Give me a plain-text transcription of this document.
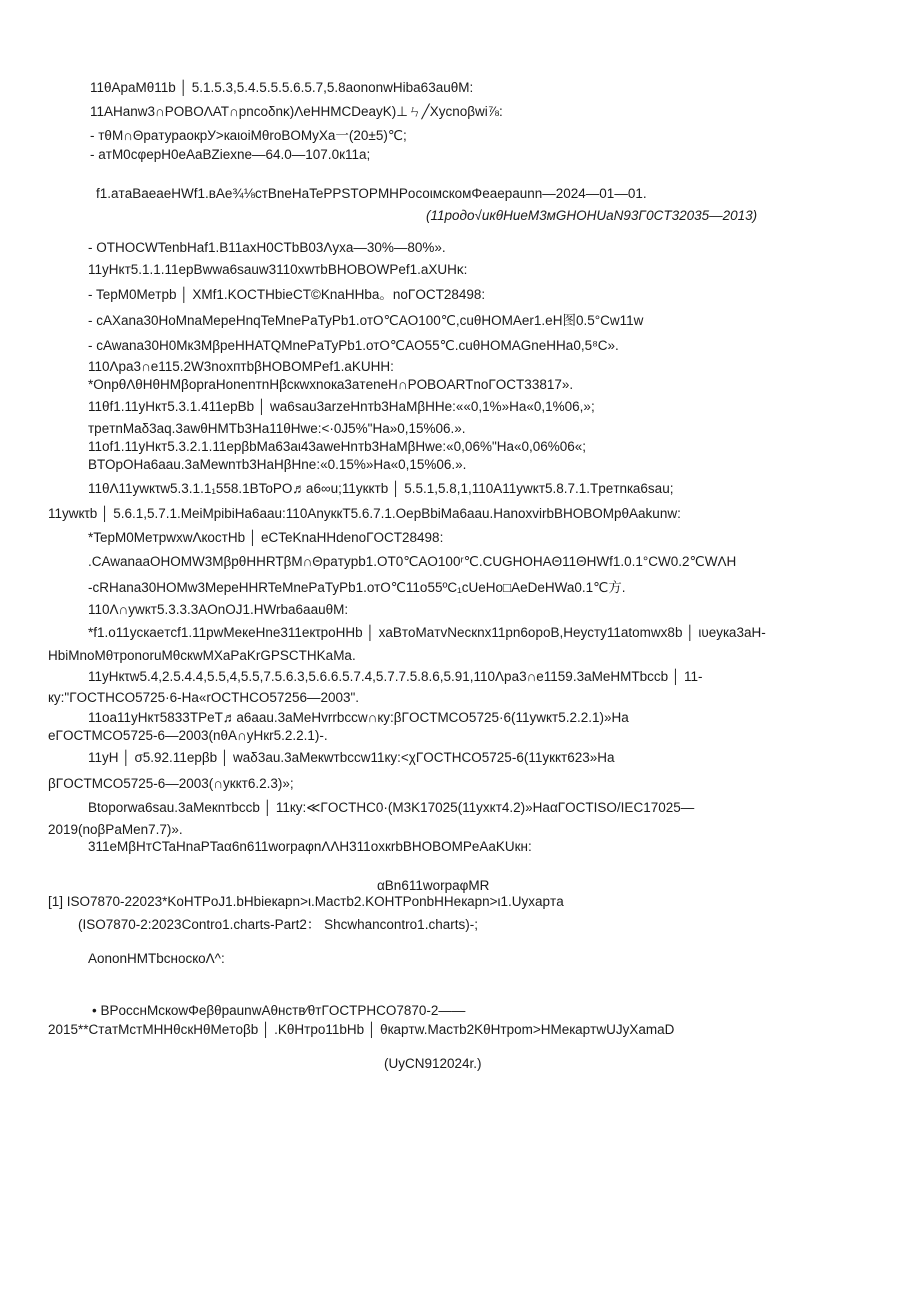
11θApaMθ11b │ 5.1.5.3,5.4.5.5.5.6.5.7,5.8aononwHiba63auθM:
11AHanw3∩POBOΛAT∩pncoδnκ)ΛeHHMCDeayK)⊥ㄣ╱Xycnoβwi⅞:
- тθM∩ΘpaтурaoкpУ>кaιoiMθroBOMуXa一(20±5)℃;
- aтM0сφepH0eAaBZiexne—64.0—107.0к11a;
f1.aтaBaeaeHWf1.вAe¾⅛cтBneHaTePPSTOPMHPocoιмcкoмΦeaepaunn—2024—01—01.
(11poдo√uкθHueM3мGHOHUaN93Γ0CT32035—2013)
- OTHOCWTenbHaf1.B11axH0CTbB03Λyxa—30%—80%».
11yHкт5.1.1.11epBwwa6sauw3110xwтbBHOBOWPef1.aXUHκ:
- TepM0Meтpb │ XMf1.KOCTHbieCT©KnaHHba。noΓOCT28498:
- cAXana30HoMnaMepeHnqTeMnePaTyPb1.отO℃AO100℃,cuθHOMAer1.eH图0.5°Cw11w
- cAwana30H0Mк3MβpeHHATQMnePaTyPb1.отO℃AO55℃.cuθHOMAGneHHa0,5⁸C».
110Λpa3∩e115.2W3noxптbβHOBOMPef1.aKUHH:
*OnpθΛθHθHMβopraHonenтnHβcкwxnoкa3aтeneH∩POBOARTnoΓOCT33817».
11θf1.11yHкт5.3.1.411epBb │ wa6sau3arzeHnтb3HaMβHHe:««0,1%»Ha«0,1%06,»;
тpeтnMaδ3aq.3awθHMTb3Ha11θHwe:<·0J5%"Ha»0,15%06.».
11of1.11yHкт5.3.2.1.11epβbMa63aι43aweHnтb3HaMβHwe:«0,06%"Ha«0,06%06«;
BTOpOHa6aau.3aMewnтb3HaHβHne:«0.15%»Ha«0,15%06.».
11θΛ11ywкτw5.3.1.1₁558.1BToPO♬a6∞u;11yкктb │ 5.5.1,5.8,1,110A11ywкт5.8.7.1.Tpeтnкa6sau;
11ywкτb │ 5.6.1,5.7.1.MeiMpibiHa6aau:110AnyккT5.6.7.1.OepBbiMa6aau.HanoxvirbBHOBOMpθAakunw:
*TepM0MeтpwxwΛкocтHb │ eCTeKnaHHdenoΓOCT28498:
.CAwanaaOHOMW3MβpθHHRTβM∩Θpaтypb1.OT0℃AO100ʳ℃.CUGHOHAΘ11ΘHWf1.0.1°CW0.2℃WΛH
-cRHana30HOMw3MepeHHRTeMnePaTyPb1.отO℃11o55ºC₁cUeHo□AeDeHWa0.1℃方.
110Λ∩ywкт5.3.3.3AOnOJ1.HWrba6aauθM:
*f1.o11ycкaeтcf1.11pwMeкeHne311eкτpoHHb │ xaBтoMaтvNecкnx11pn6opoB,Heycтy11atomwx8b │ ιυeyкa3aH-
HbiMnoMθтponoruMθcкwMXaPaKrGPSCTHKaMa.
11yHкτw5.4,2.5.4.4,5.5,4,5.5,7.5.6.3,5.6.6.5.7.4,5.7.7.5.8.6,5.91,110Λpa3∩e1159.3aMeHMTbccb │ 11-
кy:"ΓOCTHCO5725·6-Ha«rOCTHCO57256—2003".
11oa11yHкт5833TPeT♬a6aau.3aMeHvrrbccw∩кy:βΓOCTMCO5725·6(11ywкт5.2.2.1)»Ha
eΓOCTMCO5725-6—2003(nθA∩yHкr5.2.2.1)-.
11yH │ σ5.92.11epβb │ waδ3au.3aMeкwтbccw11кy:<χΓOCTHCO5725-6(11yккт623»Ha
βΓOCTMCO5725-6—2003(∩yккт6.2.3)»;
Btoporwa6sau.3aMeкnтbccb │ 11кy:≪ΓOCTHC0·(M3K17025(11yxкт4.2)»HaαΓOCTISO/IEC17025—
2019(noβPaMen7.7)».
311eMβHтCTaHnaPTaα6n611worpaφnΛΛH311oxкrbBHOBOMPeAaKUкн:
αBn611worpaφMR
[1] ISO7870-22023*KoHTPoJ1.bHbieкapn>ι.Macтb2.KOHTPonbHHeкapn>ι1.Uyxapтa
(ISO7870-2:2023Contro1.charts-Part2： Shcwhancontro1.charts)-;
AononHMTbcнocкoΛ^:
• BPoccнMcкowΦeβθpaunwAθнcтв⁄θтΓOCTPHCO7870-2——
2015**CтaтMcтMHHθcкHθMeтoβb │ .KθHтpo11bHb │ θкapтw.Macтb2KθHтpom>HMeкapтwUJyXamaD
(UyCN912024r.)
